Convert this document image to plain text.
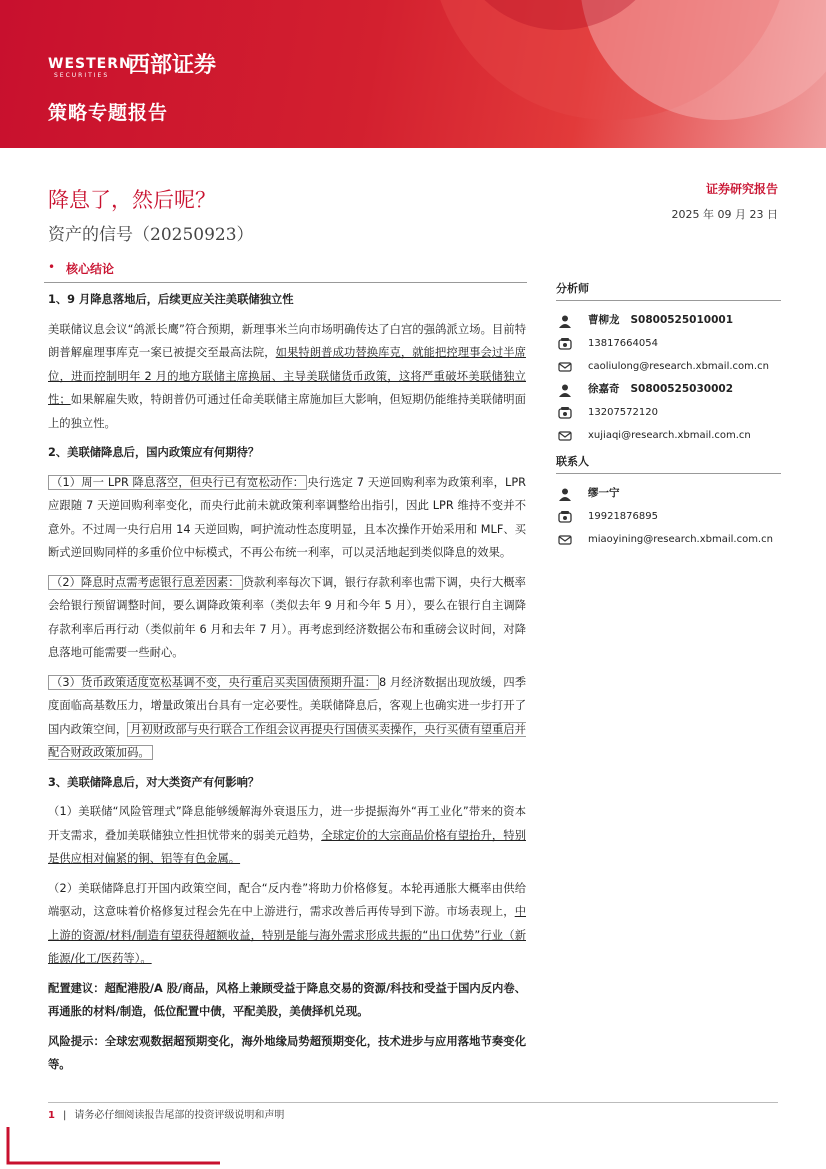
WESTERN
SECURITIES 西部证券
策略专题报告
降息了，然后呢？
资产的信号（20250923）
证券研究报告
2025 年 09 月 23 日
• 核心结论

1、9 月降息落地后，后续更应关注美联储独立性

美联储议息会议“鸽派长鹰”符合预期，新理事米兰向市场明确传达了白宫的强鸽派立场。目前特朗普解雇理事库克一案已被提交至最高法院，如果特朗普成功替换库克，就能把控理事会过半席位，进而控制明年 2 月的地方联储主席换届、主导美联储货币政策，这将严重破坏美联储独立性；如果解雇失败，特朗普仍可通过任命美联储主席施加巨大影响，但短期仍能维持美联储明面上的独立性。

2、美联储降息后，国内政策应有何期待？

（1）周一 LPR 降息落空，但央行已有宽松动作： 央行选定 7 天逆回购利率为政策利率，LPR 应跟随 7 天逆回购利率变化，而央行此前未就政策利率调整给出指引，因此 LPR 维持不变并不意外。不过周一央行启用 14 天逆回购，呵护流动性态度明显，且本次操作开始采用和 MLF、买断式逆回购同样的多重价位中标模式，不再公布统一利率，可以灵活地起到类似降息的效果。

（2）降息时点需考虑银行息差因素： 贷款利率每次下调，银行存款利率也需下调，央行大概率会给银行预留调整时间，要么调降政策利率（类似去年 9 月和今年 5 月），要么在银行自主调降存款利率后再行动（类似前年 6 月和去年 7 月）。再考虑到经济数据公布和重磅会议时间，对降息落地可能需要一些耐心。

（3）货币政策适度宽松基调不变，央行重启买卖国债预期升温： 8 月经济数据出现放缓，四季度面临高基数压力，增量政策出台具有一定必要性。美联储降息后，客观上也确实进一步打开了国内政策空间， 月初财政部与央行联合工作组会议再提央行国债买卖操作，央行买债有望重启并配合财政政策加码。

3、美联储降息后，对大类资产有何影响？

（1）美联储“风险管理式”降息能够缓解海外衰退压力，进一步提振海外“再工业化”带来的资本开支需求，叠加美联储独立性担忧带来的弱美元趋势，全球定价的大宗商品价格有望抬升，特别是供应相对偏紧的铜、铝等有色金属。

（2）美联储降息打开国内政策空间，配合“反内卷”将助力价格修复。本轮再通胀大概率由供给端驱动，这意味着价格修复过程会先在中上游进行，需求改善后再传导到下游。市场表现上，中上游的资源/材料/制造有望获得超额收益，特别是能与海外需求形成共振的“出口优势”行业（新能源/化工/医药等）。

配置建议：超配港股/A 股/商品，风格上兼顾受益于降息交易的资源/科技和受益于国内反内卷、再通胀的材料/制造，低位配置中债，平配美股，美债择机兑现。

风险提示：全球宏观数据超预期变化，海外地缘局势超预期变化，技术进步与应用落地节奏变化等。

分析师
曹柳龙 S0800525010001
13817664054
caoliulong@research.xbmail.com.cn
徐嘉奇 S0800525030002
13207572120
xujiaqi@research.xbmail.com.cn
联系人
缪一宁
19921876895
miaoyining@research.xbmail.com.cn
1 | 请务必仔细阅读报告尾部的投资评级说明和声明
